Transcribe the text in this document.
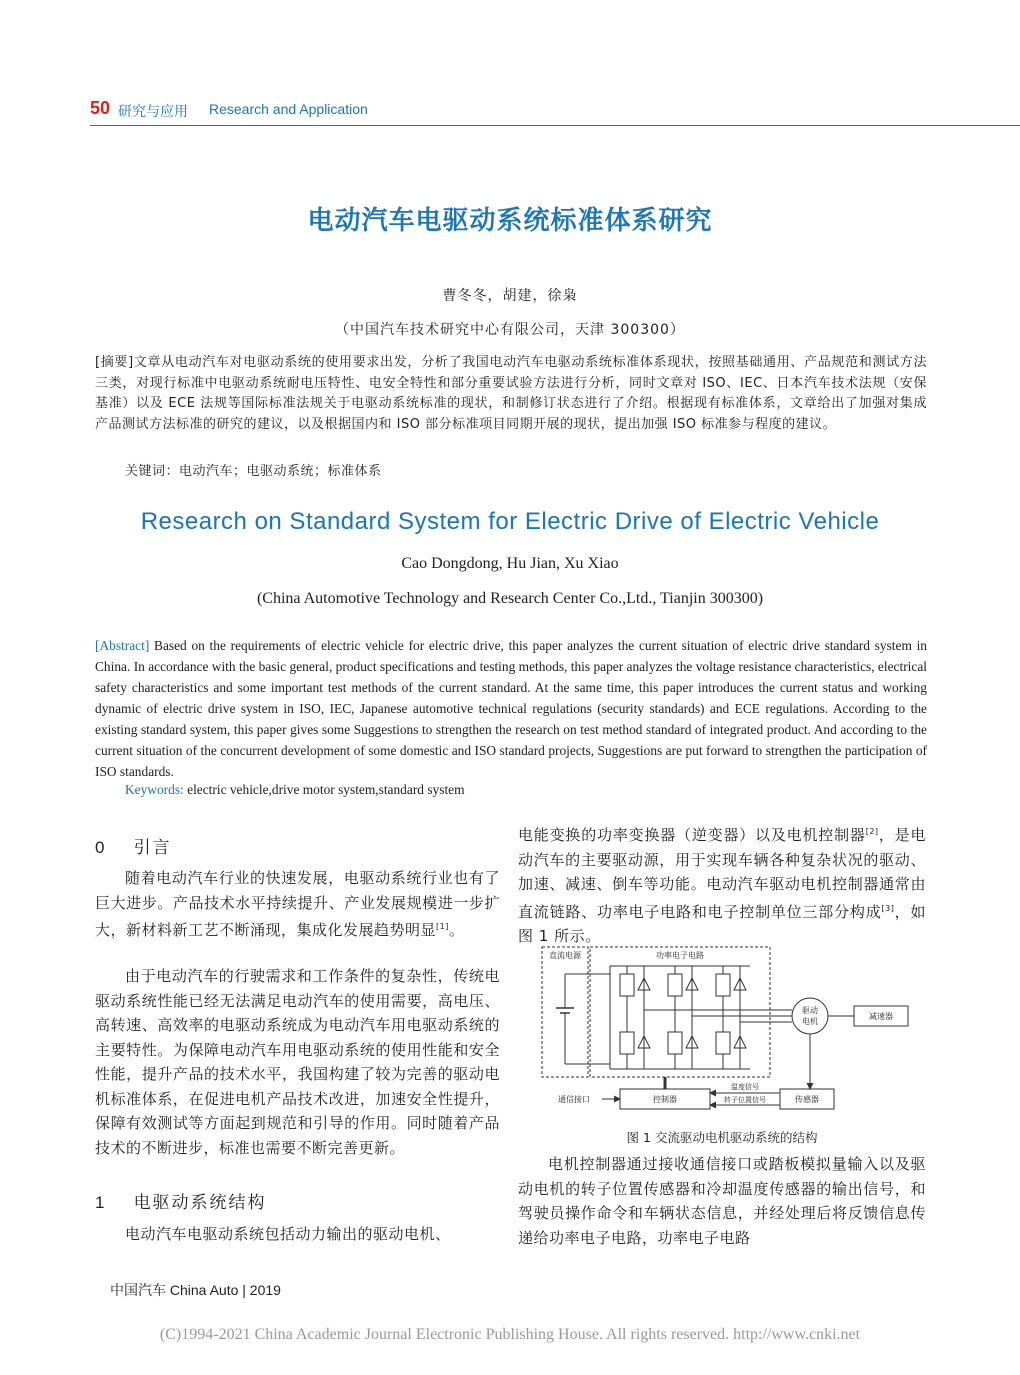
50 研究与应用 Research and Application
电动汽车电驱动系统标准体系研究
曹冬冬，胡建，徐枭
（中国汽车技术研究中心有限公司，天津 300300）
[摘要]文章从电动汽车对电驱动系统的使用要求出发，分析了我国电动汽车电驱动系统标准体系现状，按照基础通用、产品规范和测试方法三类，对现行标准中电驱动系统耐电压特性、电安全特性和部分重要试验方法进行分析，同时文章对 ISO、IEC、日本汽车技术法规（安保基准）以及 ECE 法规等国际标准法规关于电驱动系统标准的现状，和制修订状态进行了介绍。根据现有标准体系，文章给出了加强对集成产品测试方法标准的研究的建议，以及根据国内和 ISO 部分标准项目同期开展的现状，提出加强 ISO 标准参与程度的建议。
关键词：电动汽车；电驱动系统；标准体系
Research on Standard System for Electric Drive of Electric Vehicle
Cao Dongdong, Hu Jian, Xu Xiao
(China Automotive Technology and Research Center Co.,Ltd., Tianjin 300300)
[Abstract] Based on the requirements of electric vehicle for electric drive, this paper analyzes the current situation of electric drive standard system in China. In accordance with the basic general, product specifications and testing methods, this paper analyzes the voltage resistance characteristics, electrical safety characteristics and some important test methods of the current standard. At the same time, this paper introduces the current status and working dynamic of electric drive system in ISO, IEC, Japanese automotive technical regulations (security standards) and ECE regulations. According to the existing standard system, this paper gives some Suggestions to strengthen the research on test method standard of integrated product. And according to the current situation of the concurrent development of some domestic and ISO standard projects, Suggestions are put forward to strengthen the participation of ISO standards.
Keywords: electric vehicle,drive motor system,standard system
0 引言
随着电动汽车行业的快速发展，电驱动系统行业也有了巨大进步。产品技术水平持续提升、产业发展规模进一步扩大，新材料新工艺不断涌现，集成化发展趋势明显[1]。
由于电动汽车的行驶需求和工作条件的复杂性，传统电驱动系统性能已经无法满足电动汽车的使用需要，高电压、高转速、高效率的电驱动系统成为电动汽车用电驱动系统的主要特性。为保障电动汽车用电驱动系统的使用性能和安全性能，提升产品的技术水平，我国构建了较为完善的驱动电机标准体系，在促进电机产品技术改进，加速安全性提升，保障有效测试等方面起到规范和引导的作用。同时随着产品技术的不断进步，标准也需要不断完善更新。
1 电驱动系统结构
电动汽车电驱动系统包括动力输出的驱动电机、
电能变换的功率变换器（逆变器）以及电机控制器[2]，是电动汽车的主要驱动源，用于实现车辆各种复杂状况的驱动、加速、减速、倒车等功能。电动汽车驱动电机控制器通常由直流链路、功率电子电路和电子控制单位三部分构成[3]，如图 1 所示。
直流电源	功率电子电路
驱动
电机
减速器
控制器	传感器
通信接口
温度信号
转子位置信号
图 1 交流驱动电机驱动系统的结构
电机控制器通过接收通信接口或踏板模拟量输入以及驱动电机的转子位置传感器和冷却温度传感器的输出信号，和驾驶员操作命令和车辆状态信息，并经处理后将反馈信息传递给功率电子电路，功率电子电路
中国汽车 China Auto | 2019
(C)1994-2021 China Academic Journal Electronic Publishing House. All rights reserved. http://www.cnki.net
